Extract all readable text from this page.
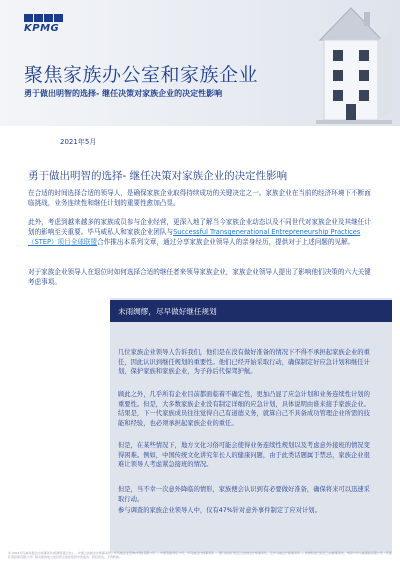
KPMG
聚焦家族办公室和家族企业
勇于做出明智的选择- 继任决策对家族企业的决定性影响
2021年5月
勇于做出明智的选择- 继任决策对家族企业的决定性影响
在合适的时间选择合适的领导人，是确保家族企业取得持续成功的关键决定之一。家族企业在当前的经济环境下不断面临挑战，业务连续性和继任计划的重要性愈加凸显。
此外，考虑到越来越多的家族成员参与企业经营，更深入地了解当今家族企业动态以及不同世代对家族企业及其继任计划的影响至关重要。毕马威私人和家族企业团队与Successful Transgenerational Entrepreneurship Practices（STEP）项目全球联盟合作推出本系列文章，通过分享家族企业领导人的亲身经历，提供对于上述问题的见解。
对于家族企业领导人在退位时如何选择合适的继任者来领导家族企业，家族企业领导人提出了影响他们决策的六大关键考虑事项。
未雨绸缪，尽早做好继任规划
几位家族企业领导人告诉我们，他们是在没有做好准备的情况下不得不承担起家族企业的重任，因此认识到继任规划的重要性。他们已经开始采取行动，确保制定好应急计划和继任计划，保护家族和家族企业，为子孙后代保驾护航。
顾此之外，几乎所有企业目前都面临着不确定性，更加凸显了应急计划和业务连续性计划的重要性。但是，大多数家族企业没有制定详细的应急计划，具体说明由谁来接手家族企业。结果是，下一代家族成员往往觉得自己有道德义务，就算自己不具备成功管理企业所需的技能和经验，也必须承担起家族企业的重任。
但是，在某些情况下，地方文化习俗可能会使得业务连续性规划以及考虑意外接班的情况变得困难。例如，中国传统文化讲究年长人的健康问题，由于此类话题属于禁忌，家族企业很难让领导人考虑紧急接班的情况。
但是，当不幸一次意外降临的情形，家族便会认识到有必要做好准备，确保将来可以迅速采取行动。
参与调查的家族企业领导人中，仅有47%针对意外事件制定了应对计划。
© 2021毕马威华振会计师事务所(特殊普通合伙) — 中国合伙制会计师事务所，毕马威企业咨询(中国)有限公司 — 中国有限责任公司，毕马威会计师事务所 — 澳门特别行政区合伙制会计师事务所，及毕马威会计师事务所 — 香港特别行政区合伙制事务所，均是与毕马威国际有限公司（英国私营担保有限公司）相关联的独立成员所全球性组织中的成员。版权所有，不得转载。
